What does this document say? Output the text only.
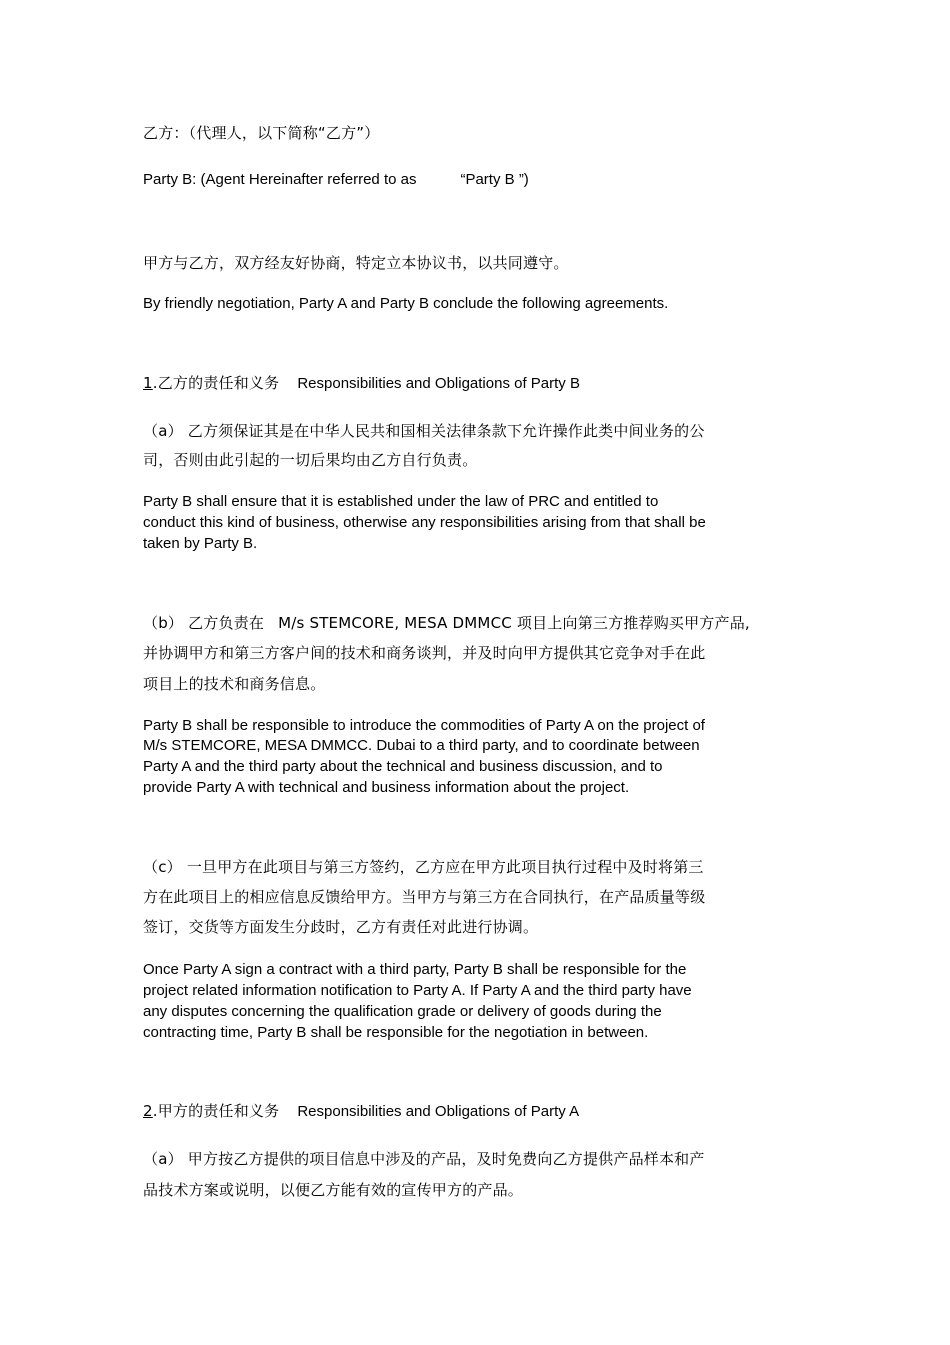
乙方：（代理人，以下简称“乙方”）
Party B: (Agent Hereinafter referred to as	“Party B ”)
甲方与乙方，双方经友好协商，特定立本协议书，以共同遵守。
By friendly negotiation, Party A and Party B conclude the following agreements.
1.乙方的责任和义务 Responsibilities and Obligations of Party B
（a） 乙方须保证其是在中华人民共和国相关法律条款下允许操作此类中间业务的公
司，否则由此引起的一切后果均由乙方自行负责。
Party B shall ensure that it is established under the law of PRC and entitled to
conduct this kind of business, otherwise any responsibilities arising from that shall be
taken by Party B.
（b） 乙方负责在 M/s STEMCORE, MESA DMMCC 项目上向第三方推荐购买甲方产品,
并协调甲方和第三方客户间的技术和商务谈判，并及时向甲方提供其它竞争对手在此
项目上的技术和商务信息。
Party B shall be responsible to introduce the commodities of Party A on the project of
M/s STEMCORE, MESA DMMCC. Dubai to a third party, and to coordinate between
Party A and the third party about the technical and business discussion, and to
provide Party A with technical and business information about the project.
（c） 一旦甲方在此项目与第三方签约，乙方应在甲方此项目执行过程中及时将第三
方在此项目上的相应信息反馈给甲方。当甲方与第三方在合同执行，在产品质量等级
签订，交货等方面发生分歧时，乙方有责任对此进行协调。
Once Party A sign a contract with a third party, Party B shall be responsible for the
project related information notification to Party A. If Party A and the third party have
any disputes concerning the qualification grade or delivery of goods during the
contracting time, Party B shall be responsible for the negotiation in between.
2.甲方的责任和义务 Responsibilities and Obligations of Party A
（a） 甲方按乙方提供的项目信息中涉及的产品，及时免费向乙方提供产品样本和产
品技术方案或说明，以便乙方能有效的宣传甲方的产品。
